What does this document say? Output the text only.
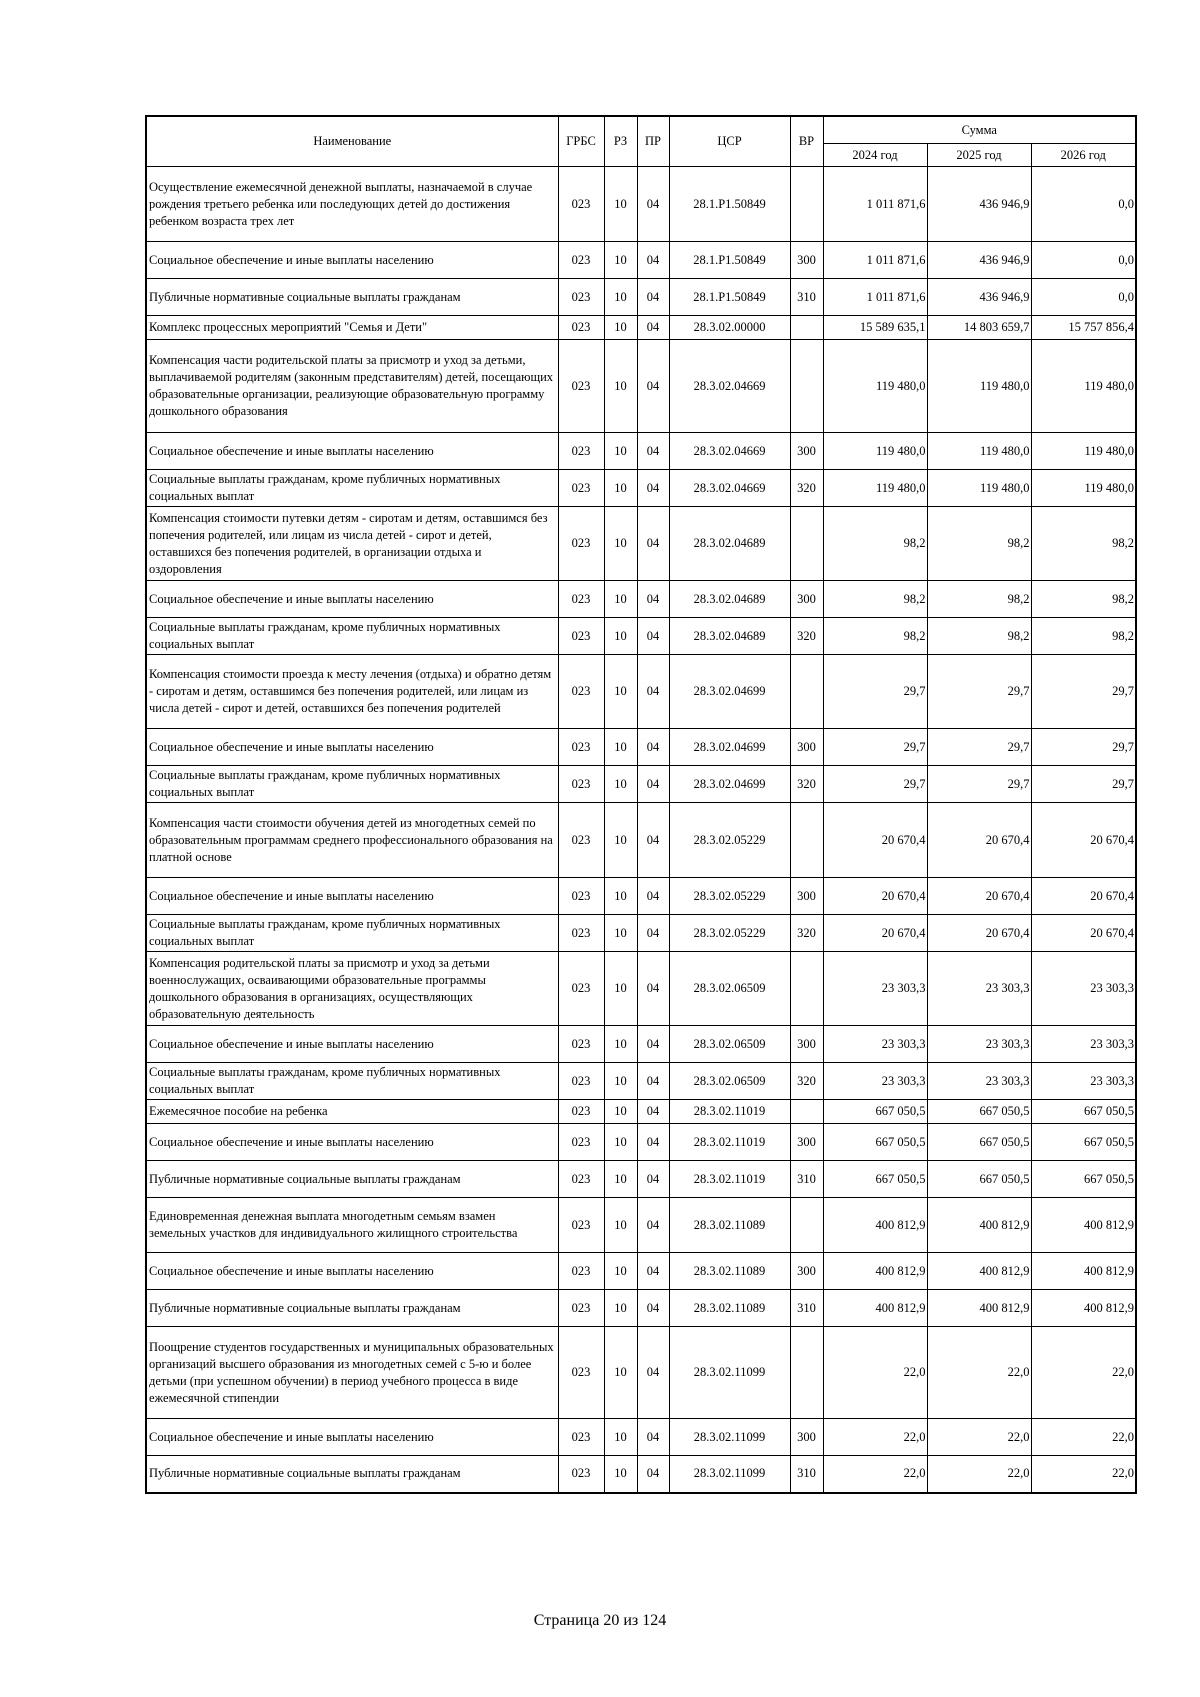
Наименование	ГРБС	РЗ	ПР	ЦСР	ВР	Сумма		
						2024 год	2025 год	2026 год
Осуществление ежемесячной денежной выплаты, назначаемой в случае рождения третьего ребенка или последующих детей до достижения ребенком возраста трех лет	023	10	04	28.1.P1.50849		1 011 871,6	436 946,9	0,0
Социальное обеспечение и иные выплаты населению	023	10	04	28.1.P1.50849	300	1 011 871,6	436 946,9	0,0
Публичные нормативные социальные выплаты гражданам	023	10	04	28.1.P1.50849	310	1 011 871,6	436 946,9	0,0
Комплекс процессных мероприятий "Семья и Дети"	023	10	04	28.3.02.00000		15 589 635,1	14 803 659,7	15 757 856,4
Компенсация части родительской платы за присмотр и уход за детьми, выплачиваемой родителям (законным представителям) детей, посещающих образовательные организации, реализующие образовательную программу дошкольного образования	023	10	04	28.3.02.04669		119 480,0	119 480,0	119 480,0
Социальное обеспечение и иные выплаты населению	023	10	04	28.3.02.04669	300	119 480,0	119 480,0	119 480,0
Социальные выплаты гражданам, кроме публичных нормативных социальных выплат	023	10	04	28.3.02.04669	320	119 480,0	119 480,0	119 480,0
Компенсация стоимости путевки детям - сиротам и детям, оставшимся без попечения родителей, или лицам из числа детей - сирот и детей, оставшихся без попечения родителей, в организации отдыха и оздоровления	023	10	04	28.3.02.04689		98,2	98,2	98,2
Социальное обеспечение и иные выплаты населению	023	10	04	28.3.02.04689	300	98,2	98,2	98,2
Социальные выплаты гражданам, кроме публичных нормативных социальных выплат	023	10	04	28.3.02.04689	320	98,2	98,2	98,2
Компенсация стоимости проезда к месту лечения (отдыха) и обратно детям - сиротам и детям, оставшимся без попечения родителей, или лицам из числа детей - сирот и детей, оставшихся без попечения родителей	023	10	04	28.3.02.04699		29,7	29,7	29,7
Социальное обеспечение и иные выплаты населению	023	10	04	28.3.02.04699	300	29,7	29,7	29,7
Социальные выплаты гражданам, кроме публичных нормативных социальных выплат	023	10	04	28.3.02.04699	320	29,7	29,7	29,7
Компенсация части стоимости обучения детей из многодетных семей по образовательным программам среднего профессионального образования на платной основе	023	10	04	28.3.02.05229		20 670,4	20 670,4	20 670,4
Социальное обеспечение и иные выплаты населению	023	10	04	28.3.02.05229	300	20 670,4	20 670,4	20 670,4
Социальные выплаты гражданам, кроме публичных нормативных социальных выплат	023	10	04	28.3.02.05229	320	20 670,4	20 670,4	20 670,4
Компенсация родительской платы за присмотр и уход за детьми военнослужащих, осваивающими образовательные программы дошкольного образования в организациях, осуществляющих образовательную деятельность	023	10	04	28.3.02.06509		23 303,3	23 303,3	23 303,3
Социальное обеспечение и иные выплаты населению	023	10	04	28.3.02.06509	300	23 303,3	23 303,3	23 303,3
Социальные выплаты гражданам, кроме публичных нормативных социальных выплат	023	10	04	28.3.02.06509	320	23 303,3	23 303,3	23 303,3
Ежемесячное пособие на ребенка	023	10	04	28.3.02.11019		667 050,5	667 050,5	667 050,5
Социальное обеспечение и иные выплаты населению	023	10	04	28.3.02.11019	300	667 050,5	667 050,5	667 050,5
Публичные нормативные социальные выплаты гражданам	023	10	04	28.3.02.11019	310	667 050,5	667 050,5	667 050,5
Единовременная денежная выплата многодетным семьям взамен земельных участков для индивидуального жилищного строительства	023	10	04	28.3.02.11089		400 812,9	400 812,9	400 812,9
Социальное обеспечение и иные выплаты населению	023	10	04	28.3.02.11089	300	400 812,9	400 812,9	400 812,9
Публичные нормативные социальные выплаты гражданам	023	10	04	28.3.02.11089	310	400 812,9	400 812,9	400 812,9
Поощрение студентов государственных и муниципальных образовательных организаций высшего образования из многодетных семей с 5-ю и более детьми (при успешном обучении) в период учебного процесса в виде ежемесячной стипендии	023	10	04	28.3.02.11099		22,0	22,0	22,0
Социальное обеспечение и иные выплаты населению	023	10	04	28.3.02.11099	300	22,0	22,0	22,0
Публичные нормативные социальные выплаты гражданам	023	10	04	28.3.02.11099	310	22,0	22,0	22,0
Страница 20 из 124
